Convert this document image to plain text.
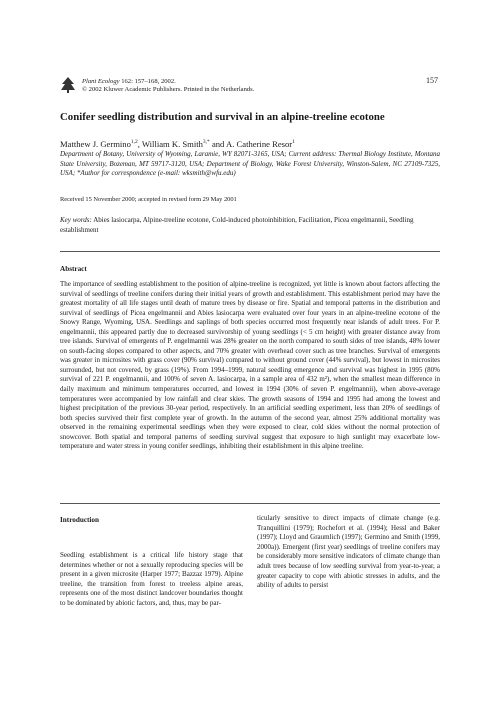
Plant Ecology 162: 157–168, 2002.
© 2002 Kluwer Academic Publishers. Printed in the Netherlands.
157
Conifer seedling distribution and survival in an alpine-treeline ecotone
Matthew J. Germino$^{1,2}$, William K. Smith$^{3,*}$ and A. Catherine Resor$^1$
Department of Botany, University of Wyoming, Laramie, WY 82071-3165, USA; Current address: Thermal Biology Institute, Montana State University, Bozeman, MT 59717-3120, USA; Department of Biology, Wake Forest University, Winston-Salem, NC 27109-7325, USA; *Author for correspondence (e-mail: wksmith@wfu.edu)
Received 15 November 2000; accepted in revised form 29 May 2001
Key words: Abies lasiocarpa, Alpine-treeline ecotone, Cold-induced photoinhibition, Facilitation, Picea engelmannii, Seedling establishment
Abstract

The importance of seedling establishment to the position of alpine-treeline is recognized, yet little is known about factors affecting the survival of seedlings of treeline conifers during their initial years of growth and establishment. This establishment period may have the greatest mortality of all life stages until death of mature trees by disease or fire. Spatial and temporal patterns in the distribution and survival of seedlings of Picea engelmannii and Abies lasiocarpa were evaluated over four years in an alpine-treeline ecotone of the Snowy Range, Wyoming, USA. Seedlings and saplings of both species occurred most frequently near islands of adult trees. For P. engelmannii, this appeared partly due to decreased survivorship of young seedlings (< 5 cm height) with greater distance away from tree islands. Survival of emergents of P. engelmannii was 28% greater on the north compared to south sides of tree islands, 48% lower on south-facing slopes compared to other aspects, and 70% greater with overhead cover such as tree branches. Survival of emergents was greater in microsites with grass cover (90% survival) compared to without ground cover (44% survival), but lowest in microsites surrounded, but not covered, by grass (19%). From 1994–1999, natural seedling emergence and survival was highest in 1995 (80% survival of 221 P. engelmannii, and 100% of seven A. lasiocarpa, in a sample area of 432 m²), when the smallest mean difference in daily maximum and minimum temperatures occurred, and lowest in 1994 (30% of seven P. engelmannii), when above-average temperatures were accompanied by low rainfall and clear skies. The growth seasons of 1994 and 1995 had among the lowest and highest precipitation of the previous 30-year period, respectively. In an artificial seedling experiment, less than 20% of seedlings of both species survived their first complete year of growth. In the autumn of the second year, almost 25% additional mortality was observed in the remaining experimental seedlings when they were exposed to clear, cold skies without the normal protection of snowcover. Both spatial and temporal patterns of seedling survival suggest that exposure to high sunlight may exacerbate low-temperature and water stress in young conifer seedlings, inhibiting their establishment in this alpine treeline.

Introduction

Seedling establishment is a critical life history stage that determines whether or not a sexually reproducing species will be present in a given microsite (Harper 1977; Bazzaz 1979). Alpine treeline, the transition from forest to treeless alpine areas, represents one of the most distinct landcover boundaries thought to be dominated by abiotic factors, and, thus, may be par-

ticularly sensitive to direct impacts of climate change (e.g. Tranquillini (1979); Rochefort et al. (1994); Hessl and Baker (1997); Lloyd and Graumlich (1997); Germino and Smith (1999, 2000a)). Emergent (first year) seedlings of treeline conifers may be considerably more sensitive indicators of climate change than adult trees because of low seedling survival from year-to-year, a greater capacity to cope with abiotic stresses in adults, and the ability of adults to persist
